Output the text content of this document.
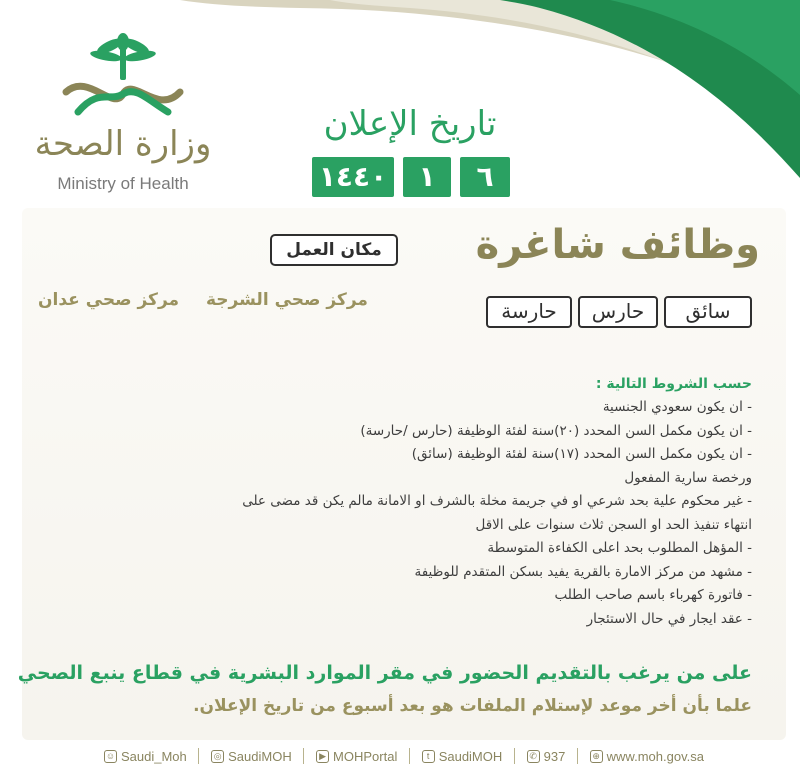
وزارة الصحة
Ministry of Health
تاريخ الإعلان
١٤٤٠	١	٦
وظائف شاغرة
مكان العمل
مركز صحي الشرجة
مركز صحي عدان	سائق
حارس
حارسة
حسب الشروط التالية :
- ان يكون سعودي الجنسية
- ان يكون مكمل السن المحدد (٢٠)سنة لفئة الوظيفة (حارس /حارسة)
- ان يكون مكمل السن المحدد (١٧)سنة لفئة الوظيفة (سائق)
ورخصة سارية المفعول
- غير محكوم علية بحد شرعي او في جريمة مخلة بالشرف او الامانة مالم يكن قد مضى على
انتهاء تنفيذ الحد او السجن ثلاث سنوات على الاقل
- المؤهل المطلوب بحد اعلى الكفاءة المتوسطة
- مشهد من مركز الامارة بالقرية يفيد بسكن المتقدم للوظيفة
- فاتورة كهرباء باسم صاحب الطلب
- عقد ايجار في حال الاستئجار
على من يرغب بالتقديم الحضور في مقر الموارد البشرية في قطاع ينبع الصحي
علما بأن أخر موعد لإستلام الملفات هو بعد أسبوع من تاريخ الإعلان.
⊕ www.moh.gov.sa
✆ 937
t SaudiMOH
▶ MOHPortal
◎ SaudiMOH
☺ Saudi_Moh
